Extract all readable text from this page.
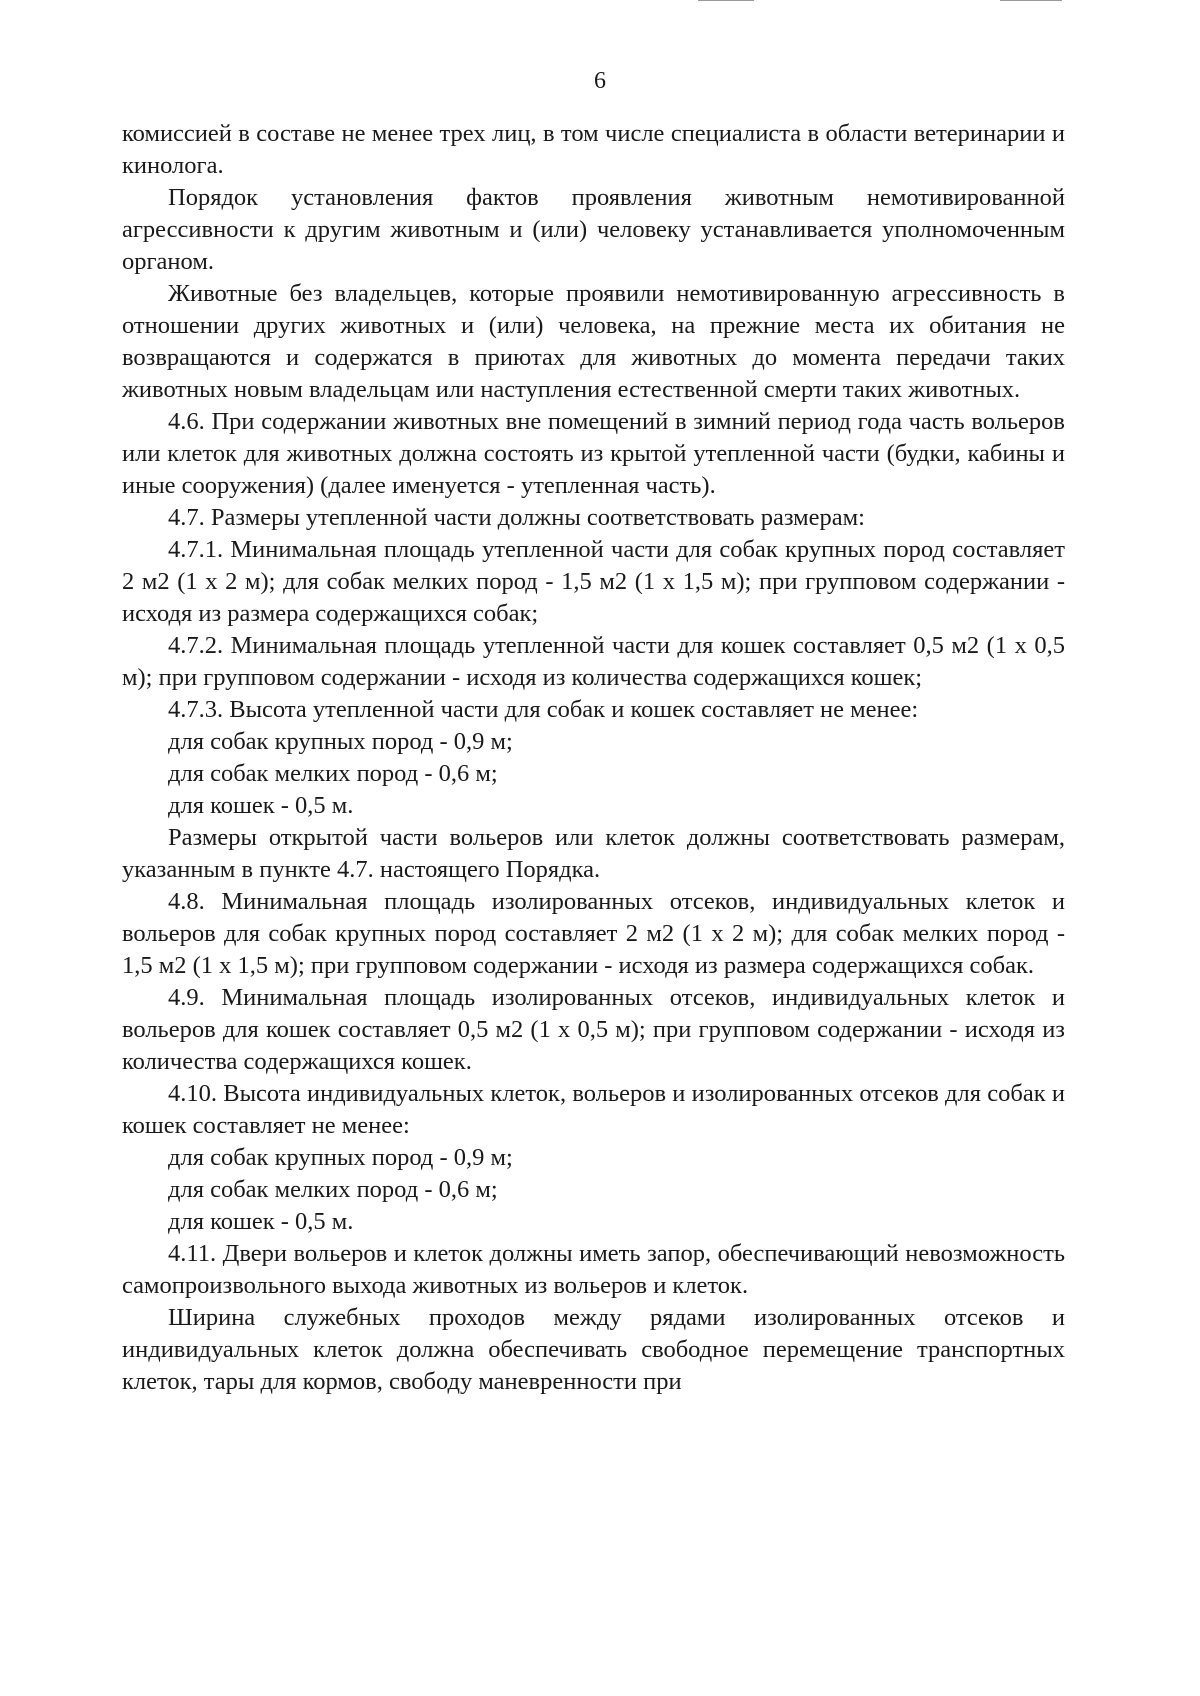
6

комиссией в составе не менее трех лиц, в том числе специалиста в области ветеринарии и кинолога.

Порядок установления фактов проявления животным немотивированной агрессивности к другим животным и (или) человеку устанавливается уполномоченным органом.

Животные без владельцев, которые проявили немотивированную агрессивность в отношении других животных и (или) человека, на прежние места их обитания не возвращаются и содержатся в приютах для животных до момента передачи таких животных новым владельцам или наступления естественной смерти таких животных.

4.6. При содержании животных вне помещений в зимний период года часть вольеров или клеток для животных должна состоять из крытой утепленной части (будки, кабины и иные сооружения) (далее именуется - утепленная часть).

4.7. Размеры утепленной части должны соответствовать размерам:

4.7.1. Минимальная площадь утепленной части для собак крупных пород составляет 2 м2 (1 х 2 м); для собак мелких пород - 1,5 м2 (1 х 1,5 м); при групповом содержании - исходя из размера содержащихся собак;

4.7.2. Минимальная площадь утепленной части для кошек составляет 0,5 м2 (1 х 0,5 м); при групповом содержании - исходя из количества содержащихся кошек;

4.7.3. Высота утепленной части для собак и кошек составляет не менее:

для собак крупных пород - 0,9 м;

для собак мелких пород - 0,6 м;

для кошек - 0,5 м.

Размеры открытой части вольеров или клеток должны соответствовать размерам, указанным в пункте 4.7. настоящего Порядка.

4.8. Минимальная площадь изолированных отсеков, индивидуальных клеток и вольеров для собак крупных пород составляет 2 м2 (1 х 2 м); для собак мелких пород - 1,5 м2 (1 х 1,5 м); при групповом содержании - исходя из размера содержащихся собак.

4.9. Минимальная площадь изолированных отсеков, индивидуальных клеток и вольеров для кошек составляет 0,5 м2 (1 х 0,5 м); при групповом содержании - исходя из количества содержащихся кошек.

4.10. Высота индивидуальных клеток, вольеров и изолированных отсеков для собак и кошек составляет не менее:

для собак крупных пород - 0,9 м;

для собак мелких пород - 0,6 м;

для кошек - 0,5 м.

4.11. Двери вольеров и клеток должны иметь запор, обеспечивающий невозможность самопроизвольного выхода животных из вольеров и клеток.

Ширина служебных проходов между рядами изолированных отсеков и индивидуальных клеток должна обеспечивать свободное перемещение транспортных клеток, тары для кормов, свободу маневренности при
